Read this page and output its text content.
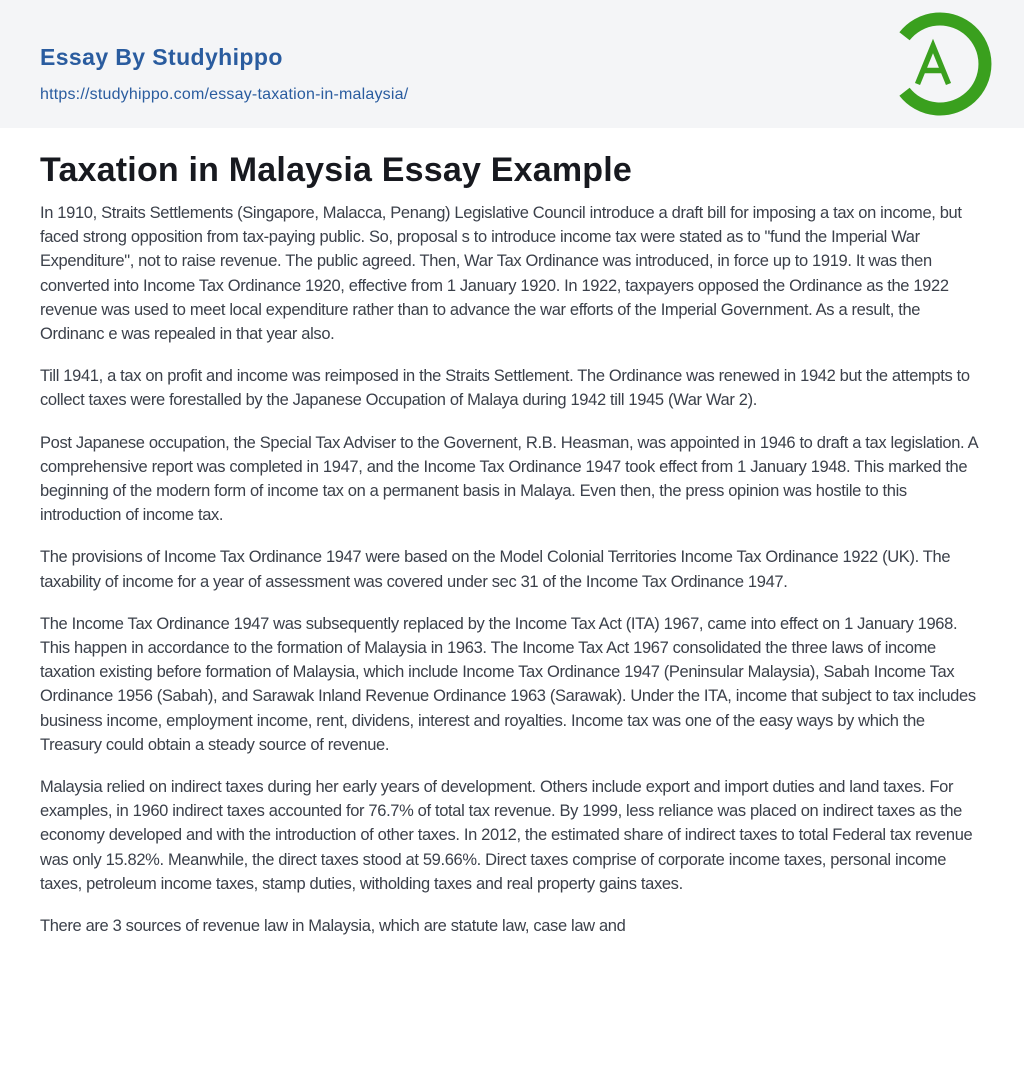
Essay By Studyhippo
https://studyhippo.com/essay-taxation-in-malaysia/
Taxation in Malaysia Essay Example

In 1910, Straits Settlements (Singapore, Malacca, Penang) Legislative Council introduce a draft bill for imposing a tax on income, but faced strong opposition from tax-paying public. So, proposal s to introduce income tax were stated as to "fund the Imperial War Expenditure", not to raise revenue. The public agreed. Then, War Tax Ordinance was introduced, in force up to 1919. It was then converted into Income Tax Ordinance 1920, effective from 1 January 1920. In 1922, taxpayers opposed the Ordinance as the 1922 revenue was used to meet local expenditure rather than to advance the war efforts of the Imperial Government. As a result, the Ordinanc e was repealed in that year also.

Till 1941, a tax on profit and income was reimposed in the Straits Settlement. The Ordinance was renewed in 1942 but the attempts to collect taxes were forestalled by the Japanese Occupation of Malaya during 1942 till 1945 (War War 2).

Post Japanese occupation, the Special Tax Adviser to the Governent, R.B. Heasman, was appointed in 1946 to draft a tax legislation. A comprehensive report was completed in 1947, and the Income Tax Ordinance 1947 took effect from 1 January 1948. This marked the beginning of the modern form of income tax on a permanent basis in Malaya. Even then, the press opinion was hostile to this introduction of income tax.

The provisions of Income Tax Ordinance 1947 were based on the Model Colonial Territories Income Tax Ordinance 1922 (UK). The taxability of income for a year of assessment was covered under sec 31 of the Income Tax Ordinance 1947.

The Income Tax Ordinance 1947 was subsequently replaced by the Income Tax Act (ITA) 1967, came into effect on 1 January 1968. This happen in accordance to the formation of Malaysia in 1963. The Income Tax Act 1967 consolidated the three laws of income taxation existing before formation of Malaysia, which include Income Tax Ordinance 1947 (Peninsular Malaysia), Sabah Income Tax Ordinance 1956 (Sabah), and Sarawak Inland Revenue Ordinance 1963 (Sarawak). Under the ITA, income that subject to tax includes business income, employment income, rent, dividens, interest and royalties. Income tax was one of the easy ways by which the Treasury could obtain a steady source of revenue.

Malaysia relied on indirect taxes during her early years of development. Others include export and import duties and land taxes. For examples, in 1960 indirect taxes accounted for 76.7% of total tax revenue. By 1999, less reliance was placed on indirect taxes as the economy developed and with the introduction of other taxes. In 2012, the estimated share of indirect taxes to total Federal tax revenue was only 15.82%. Meanwhile, the direct taxes stood at 59.66%. Direct taxes comprise of corporate income taxes, personal income taxes, petroleum income taxes, stamp duties, witholding taxes and real property gains taxes.

There are 3 sources of revenue law in Malaysia, which are statute law, case law and
